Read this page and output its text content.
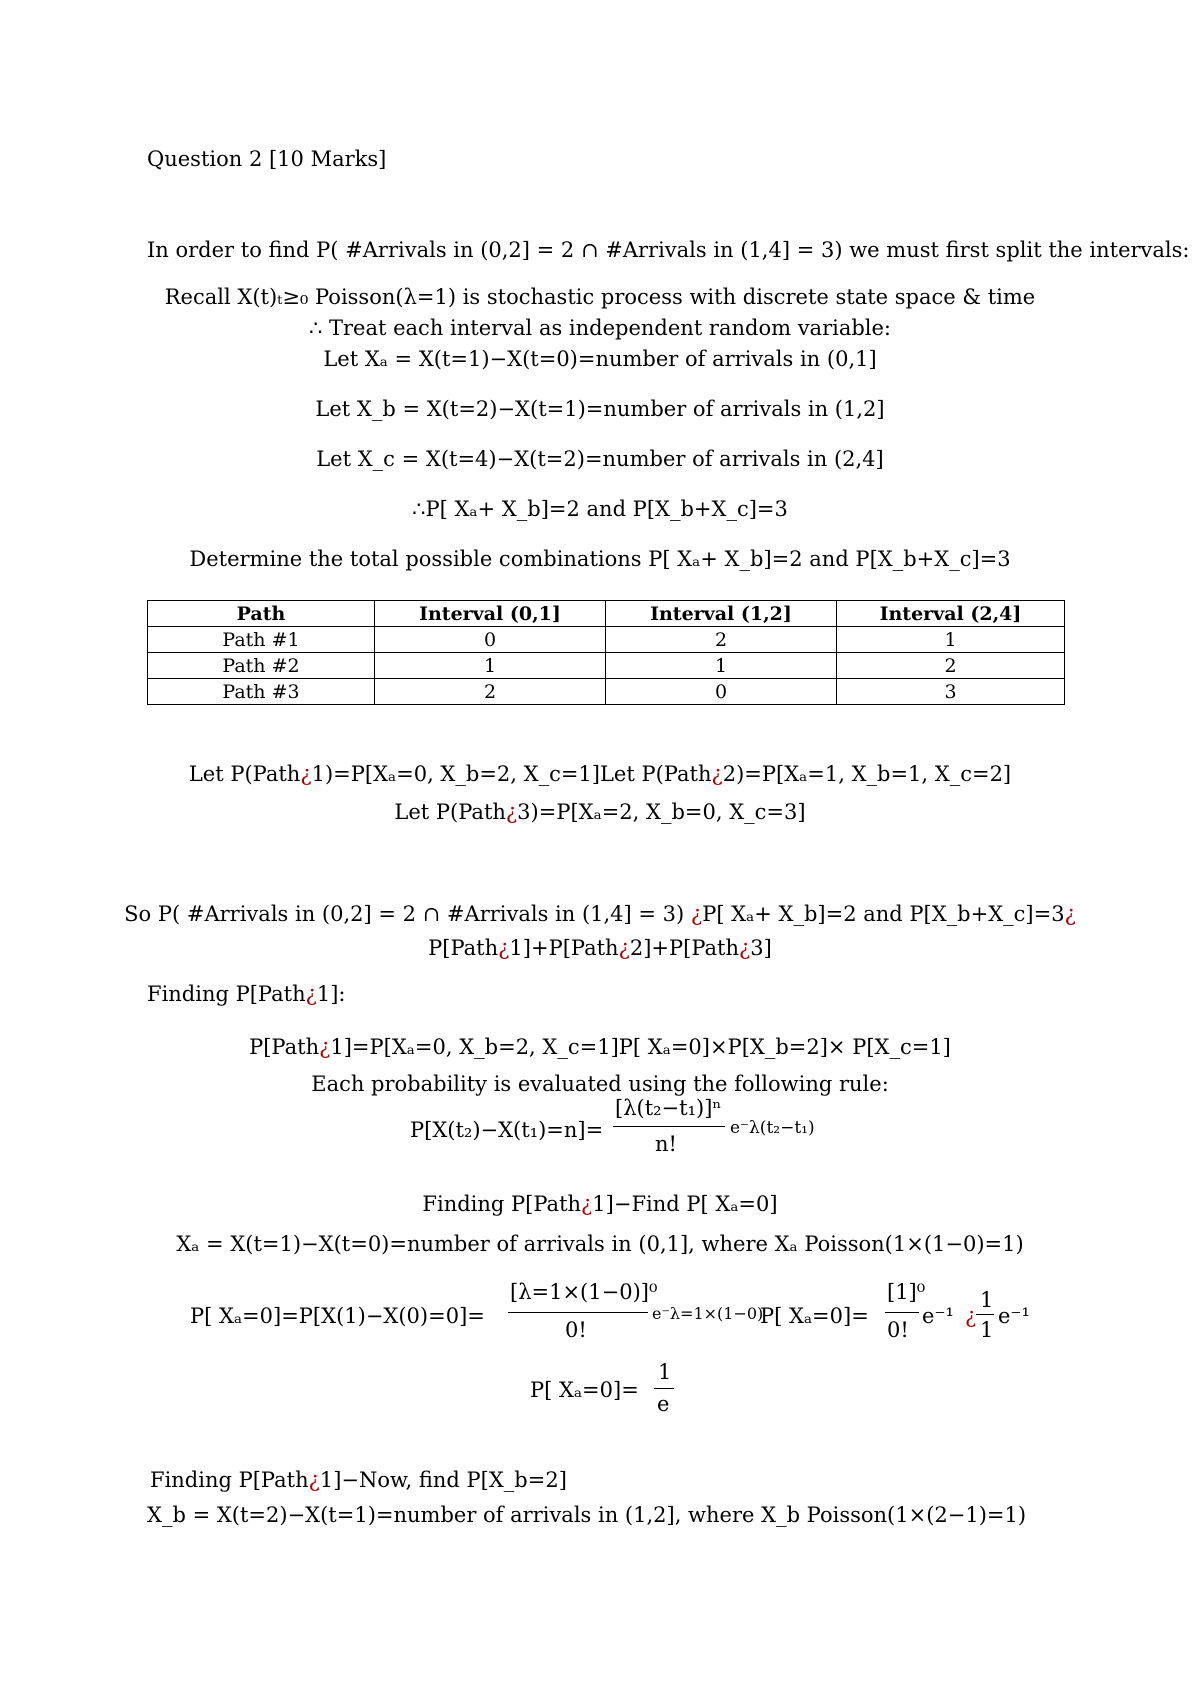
Question 2 [10 Marks]
In order to find P( #Arrivals in (0,2] = 2 ∩ #Arrivals in (1,4] = 3) we must first split the intervals:
Recall X(t)ₜ≥₀ Poisson(λ=1) is stochastic process with discrete state space & time
∴ Treat each interval as independent random variable:
Let Xₐ = X(t=1)−X(t=0)=number of arrivals in (0,1]
Let X_b = X(t=2)−X(t=1)=number of arrivals in (1,2]
Let X_c = X(t=4)−X(t=2)=number of arrivals in (2,4]
∴P[ Xₐ+ X_b]=2 and P[X_b+X_c]=3
Determine the total possible combinations P[ Xₐ+ X_b]=2 and P[X_b+X_c]=3
Path	Interval (0,1]	Interval (1,2]	Interval (2,4]
Path #1	0	2	1
Path #2	1	1	2
Path #3	2	0	3
Let P(Path¿1)=P[Xₐ=0, X_b=2, X_c=1]Let P(Path¿2)=P[Xₐ=1, X_b=1, X_c=2]
Let P(Path¿3)=P[Xₐ=2, X_b=0, X_c=3]
So P( #Arrivals in (0,2] = 2 ∩ #Arrivals in (1,4] = 3) ¿P[ Xₐ+ X_b]=2 and P[X_b+X_c]=3¿
P[Path¿1]+P[Path¿2]+P[Path¿3]
Finding P[Path¿1]:
P[Path¿1]=P[Xₐ=0, X_b=2, X_c=1]P[ Xₐ=0]×P[X_b=2]× P[X_c=1]
Each probability is evaluated using the following rule:
P[X(t₂)−X(t₁)=n]=
[λ(t₂−t₁)]ⁿ
n!
e⁻λ(t₂−t₁)
Finding P[Path¿1]−Find P[ Xₐ=0]
Xₐ = X(t=1)−X(t=0)=number of arrivals in (0,1], where Xₐ Poisson(1×(1−0)=1)
P[ Xₐ=0]=P[X(1)−X(0)=0]=
[λ=1×(1−0)]⁰
0!
e⁻λ=1×(1−0)
P[ Xₐ=0]=
[1]⁰
0!
e⁻¹ ¿
1
1
e⁻¹
P[ Xₐ=0]=
1
e
Finding P[Path¿1]−Now, find P[X_b=2]
X_b = X(t=2)−X(t=1)=number of arrivals in (1,2], where X_b Poisson(1×(2−1)=1)
